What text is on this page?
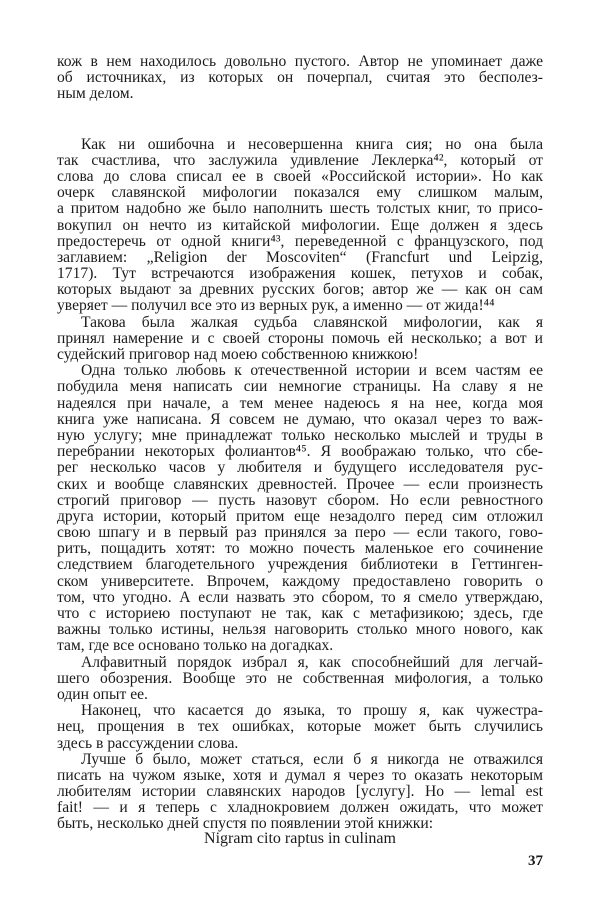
кож в нем находилось довольно пустого. Автор не упоминает даже
об источниках, из которых он почерпал, считая это бесполез-
ным делом.
Как ни ошибочна и несовершенна книга сия; но она была
так счастлива, что заслужила удивление Леклерка⁴², который от
слова до слова списал ее в своей «Российской истории». Но как
очерк славянской мифологии показался ему слишком малым,
а притом надобно же было наполнить шесть толстых книг, то присо-
вокупил он нечто из китайской мифологии. Еще должен я здесь
предостеречь от одной книги⁴³, переведенной с французского, под
заглавием: „Religion der Moscoviten“ (Francfurt und Leipzig,
1717). Тут встречаются изображения кошек, петухов и собак,
которых выдают за древних русских богов; автор же — как он сам
уверяет — получил все это из верных рук, а именно — от жида!⁴⁴
Такова была жалкая судьба славянской мифологии, как я
принял намерение и с своей стороны помочь ей несколько; а вот и
судейский приговор над моею собственною книжкою!
Одна только любовь к отечественной истории и всем частям ее
побудила меня написать сии немногие страницы. На славу я не
надеялся при начале, а тем менее надеюсь я на нее, когда моя
книга уже написана. Я совсем не думаю, что оказал через то важ-
ную услугу; мне принадлежат только несколько мыслей и труды в
перебрании некоторых фолиантов⁴⁵. Я воображаю только, что сбе-
рег несколько часов у любителя и будущего исследователя рус-
ских и вообще славянских древностей. Прочее — если произнесть
строгий приговор — пусть назовут сбором. Но если ревностного
друга истории, который притом еще незадолго перед сим отложил
свою шпагу и в первый раз принялся за перо — если такого, гово-
рить, пощадить хотят: то можно почесть маленькое его сочинение
следствием благодетельного учреждения библиотеки в Геттинген-
ском университете. Впрочем, каждому предоставлено говорить о
том, что угодно. А если назвать это сбором, то я смело утверждаю,
что с историею поступают не так, как с метафизикою; здесь, где
важны только истины, нельзя наговорить столько много нового, как
там, где все основано только на догадках.
Алфавитный порядок избрал я, как способнейший для легчай-
шего обозрения. Вообще это не собственная мифология, а только
один опыт ее.
Наконец, что касается до языка, то прошу я, как чужестра-
нец, прощения в тех ошибках, которые может быть случились
здесь в рассуждении слова.
Лучше б было, может статься, если б я никогда не отважился
писать на чужом языке, хотя и думал я через то оказать некоторым
любителям истории славянских народов [услугу]. Но — lemal est
fait! — и я теперь с хладнокровием должен ожидать, что может
быть, несколько дней спустя по появлении этой книжки:
Nigram cito raptus in culinam
37
